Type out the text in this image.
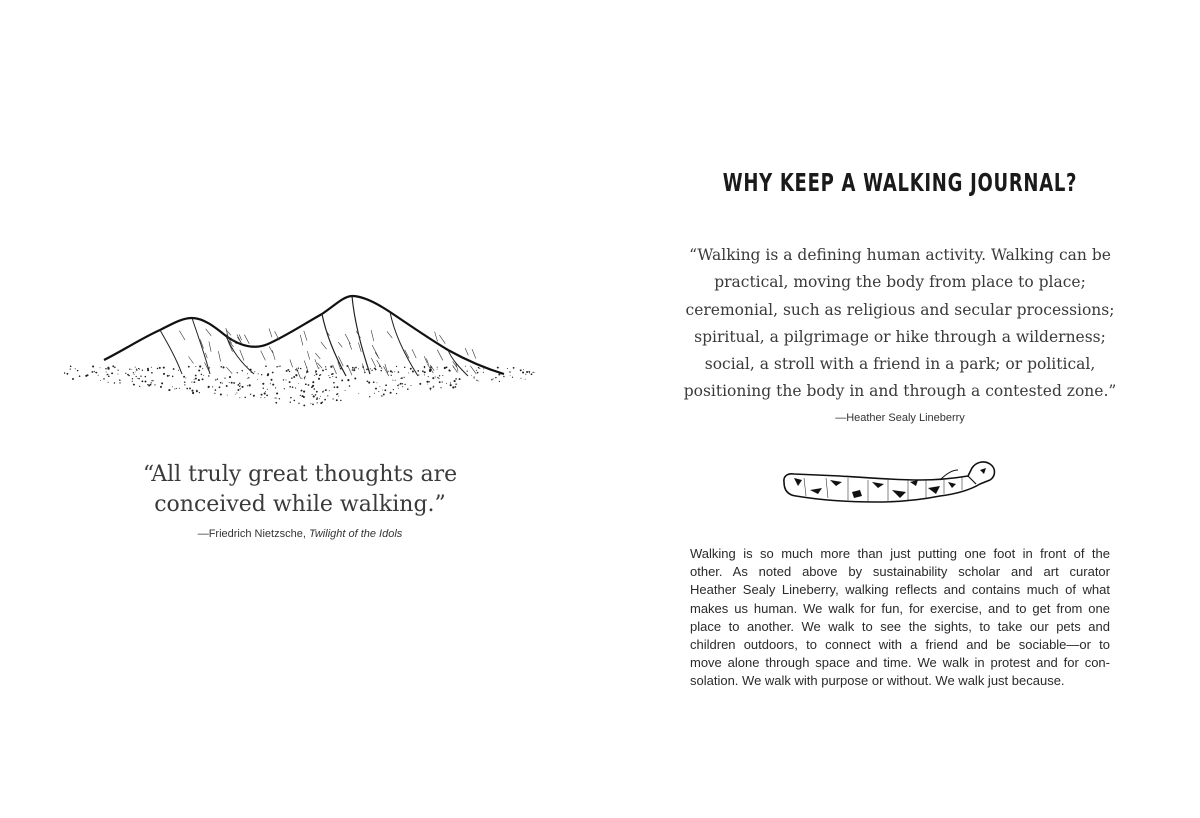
“All truly great thoughts are
conceived while walking.”
—Friedrich Nietzsche, Twilight of the Idols
WHY KEEP A WALKING JOURNAL?
“Walking is a defining human activity. Walking can be
practical, moving the body from place to place;
ceremonial, such as religious and secular processions;
spiritual, a pilgrimage or hike through a wilderness;
social, a stroll with a friend in a park; or political,
positioning the body in and through a contested zone.”
—Heather Sealy Lineberry
Walking is so much more than just putting one foot in front of the
other. As noted above by sustainability scholar and art curator
Heather Sealy Lineberry, walking reflects and contains much of what
makes us human. We walk for fun, for exercise, and to get from one
place to another. We walk to see the sights, to take our pets and
children outdoors, to connect with a friend and be sociable—or to
move alone through space and time. We walk in protest and for con-
solation. We walk with purpose or without. We walk just because.
